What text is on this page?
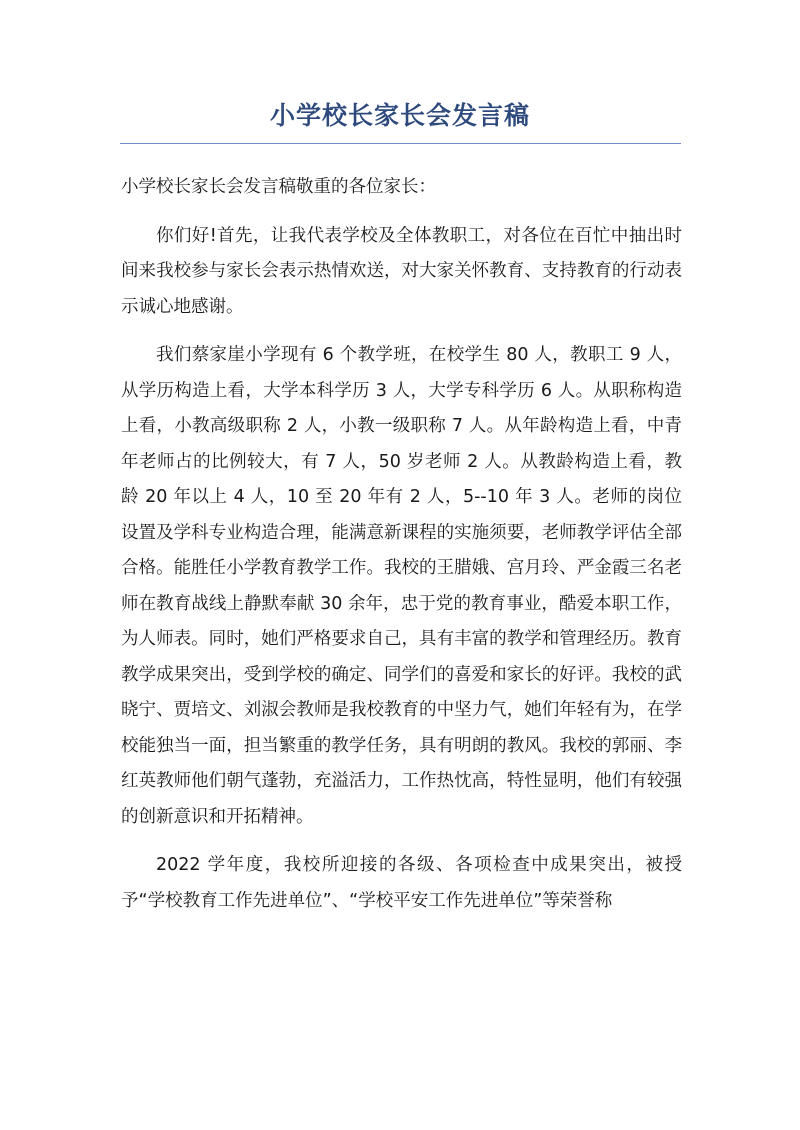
小学校长家长会发言稿

小学校长家长会发言稿敬重的各位家长：

你们好!首先，让我代表学校及全体教职工，对各位在百忙中抽出时间来我校参与家长会表示热情欢送，对大家关怀教育、支持教育的行动表示诚心地感谢。

我们蔡家崖小学现有 6 个教学班，在校学生 80 人，教职工 9 人，从学历构造上看，大学本科学历 3 人，大学专科学历 6 人。从职称构造上看，小教高级职称 2 人，小教一级职称 7 人。从年龄构造上看，中青年老师占的比例较大，有 7 人，50 岁老师 2 人。从教龄构造上看，教龄 20 年以上 4 人，10 至 20 年有 2 人，5--10 年 3 人。老师的岗位设置及学科专业构造合理，能满意新课程的实施须要，老师教学评估全部合格。能胜任小学教育教学工作。我校的王腊娥、宫月玲、严金霞三名老师在教育战线上静默奉献 30 余年，忠于党的教育事业，酷爱本职工作，为人师表。同时，她们严格要求自己，具有丰富的教学和管理经历。教育教学成果突出，受到学校的确定、同学们的喜爱和家长的好评。我校的武晓宁、贾培文、刘淑会教师是我校教育的中坚力气，她们年轻有为，在学校能独当一面，担当繁重的教学任务，具有明朗的教风。我校的郭丽、李红英教师他们朝气蓬勃，充溢活力，工作热忱高，特性显明，他们有较强的创新意识和开拓精神。

2022 学年度，我校所迎接的各级、各项检查中成果突出，被授予“学校教育工作先进单位”、“学校平安工作先进单位”等荣誉称
